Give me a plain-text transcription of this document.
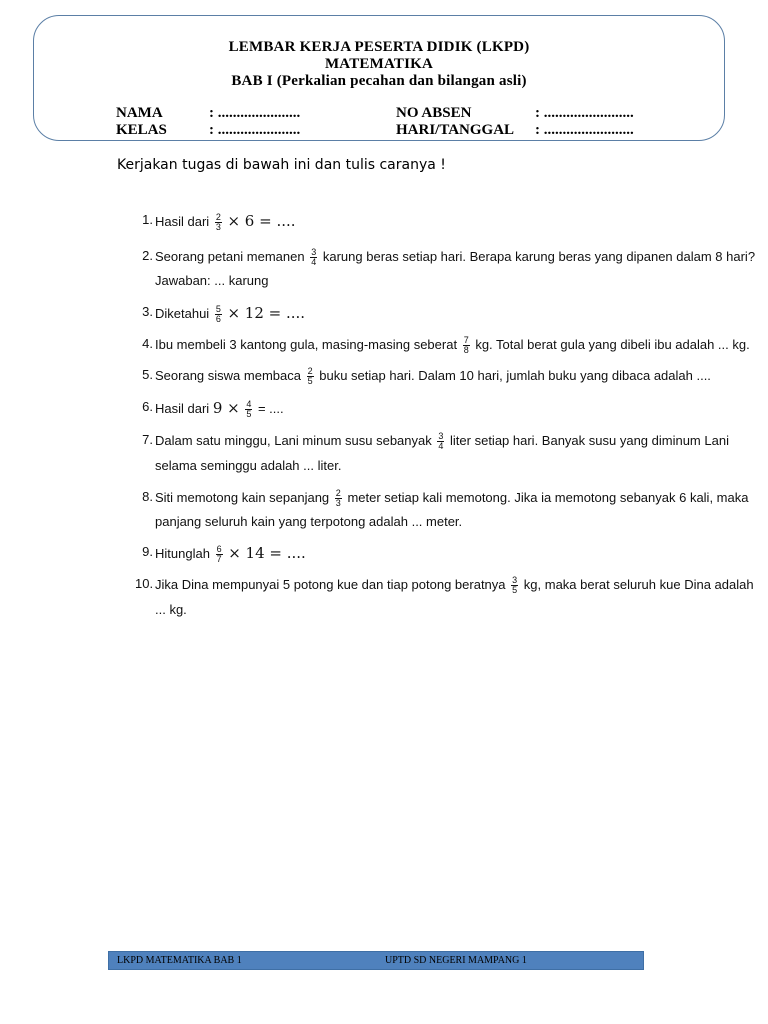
LEMBAR KERJA PESERTA DIDIK (LKPD)
MATEMATIKA
BAB I (Perkalian pecahan dan bilangan asli)
NAMA	: ......................	NO ABSEN	: ........................
KELAS	: ......................	HARI/TANGGAL : ........................
Kerjakan tugas di bawah ini dan tulis caranya !
1. Hasil dari $\frac{2}{3} \times 6$ = ....
2. Seorang petani memanen $\frac{3}{4}$ karung beras setiap hari. Berapa karung beras yang dipanen dalam 8 hari?
Jawaban: ... karung
3. Diketahui $\frac{5}{6} \times 12$ = ....
4. Ibu membeli 3 kantong gula, masing-masing seberat $\frac{7}{8}$ kg. Total berat gula yang dibeli ibu adalah ... kg.
5. Seorang siswa membaca $\frac{2}{5}$ buku setiap hari. Dalam 10 hari, jumlah buku yang dibaca adalah ....
6. Hasil dari $9 \times \frac{4}{5}$ = ....
7. Dalam satu minggu, Lani minum susu sebanyak $\frac{3}{4}$ liter setiap hari. Banyak susu yang diminum Lani
selama seminggu adalah ... liter.
8. Siti memotong kain sepanjang $\frac{2}{3}$ meter setiap kali memotong. Jika ia memotong sebanyak 6 kali, maka
panjang seluruh kain yang terpotong adalah ... meter.
9. Hitunglah $\frac{6}{7} \times 14$ = ....
10. Jika Dina mempunyai 5 potong kue dan tiap potong beratnya $\frac{3}{5}$ kg, maka berat seluruh kue Dina adalah
... kg.
LKPD MATEMATIKA BAB 1	UPTD SD NEGERI MAMPANG 1
